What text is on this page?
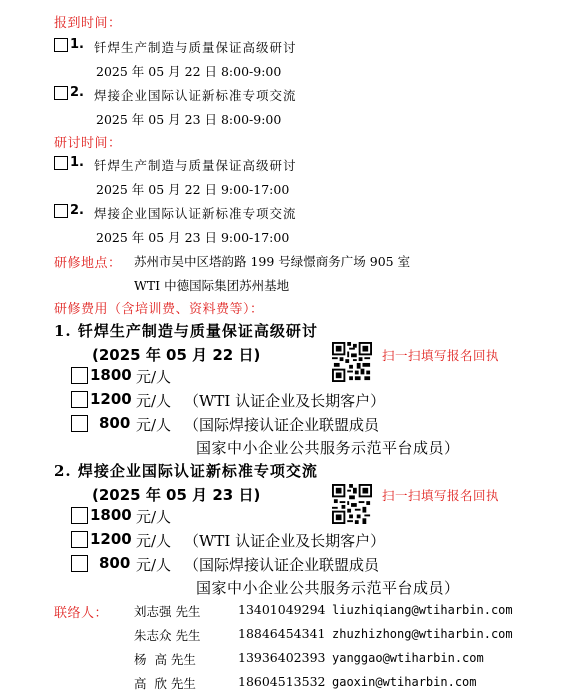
报到时间：
1. 钎焊生产制造与质量保证高级研讨
2025 年 05 月 22 日 8:00-9:00
2. 焊接企业国际认证新标准专项交流
2025 年 05 月 23 日 8:00-9:00
研讨时间：
1. 钎焊生产制造与质量保证高级研讨
2025 年 05 月 22 日 9:00-17:00
2. 焊接企业国际认证新标准专项交流
2025 年 05 月 23 日 9:00-17:00
研修地点： 苏州市吴中区塔韵路 199 号绿憬商务广场 905 室
WTI 中德国际集团苏州基地
研修费用（含培训费、资料费等）：
1. 钎焊生产制造与质量保证高级研讨
(2025 年 05 月 22 日)	扫一扫填写报名回执
1800 元/人
1200 元/人 （WTI 认证企业及长期客户）
800 元/人 （国际焊接认证企业联盟成员
国家中小企业公共服务示范平台成员）
2. 焊接企业国际认证新标准专项交流
(2025 年 05 月 23 日)	扫一扫填写报名回执
1800 元/人
1200 元/人 （WTI 认证企业及长期客户）
800 元/人 （国际焊接认证企业联盟成员
国家中小企业公共服务示范平台成员）
联络人： 刘志强 先生	13401049294 liuzhiqiang@wtiharbin.com
朱志众 先生	18846454341 zhuzhizhong@wtiharbin.com
杨  高 先生	13936402393 yanggao@wtiharbin.com
高  欣 先生	18604513532 gaoxin@wtiharbin.com
